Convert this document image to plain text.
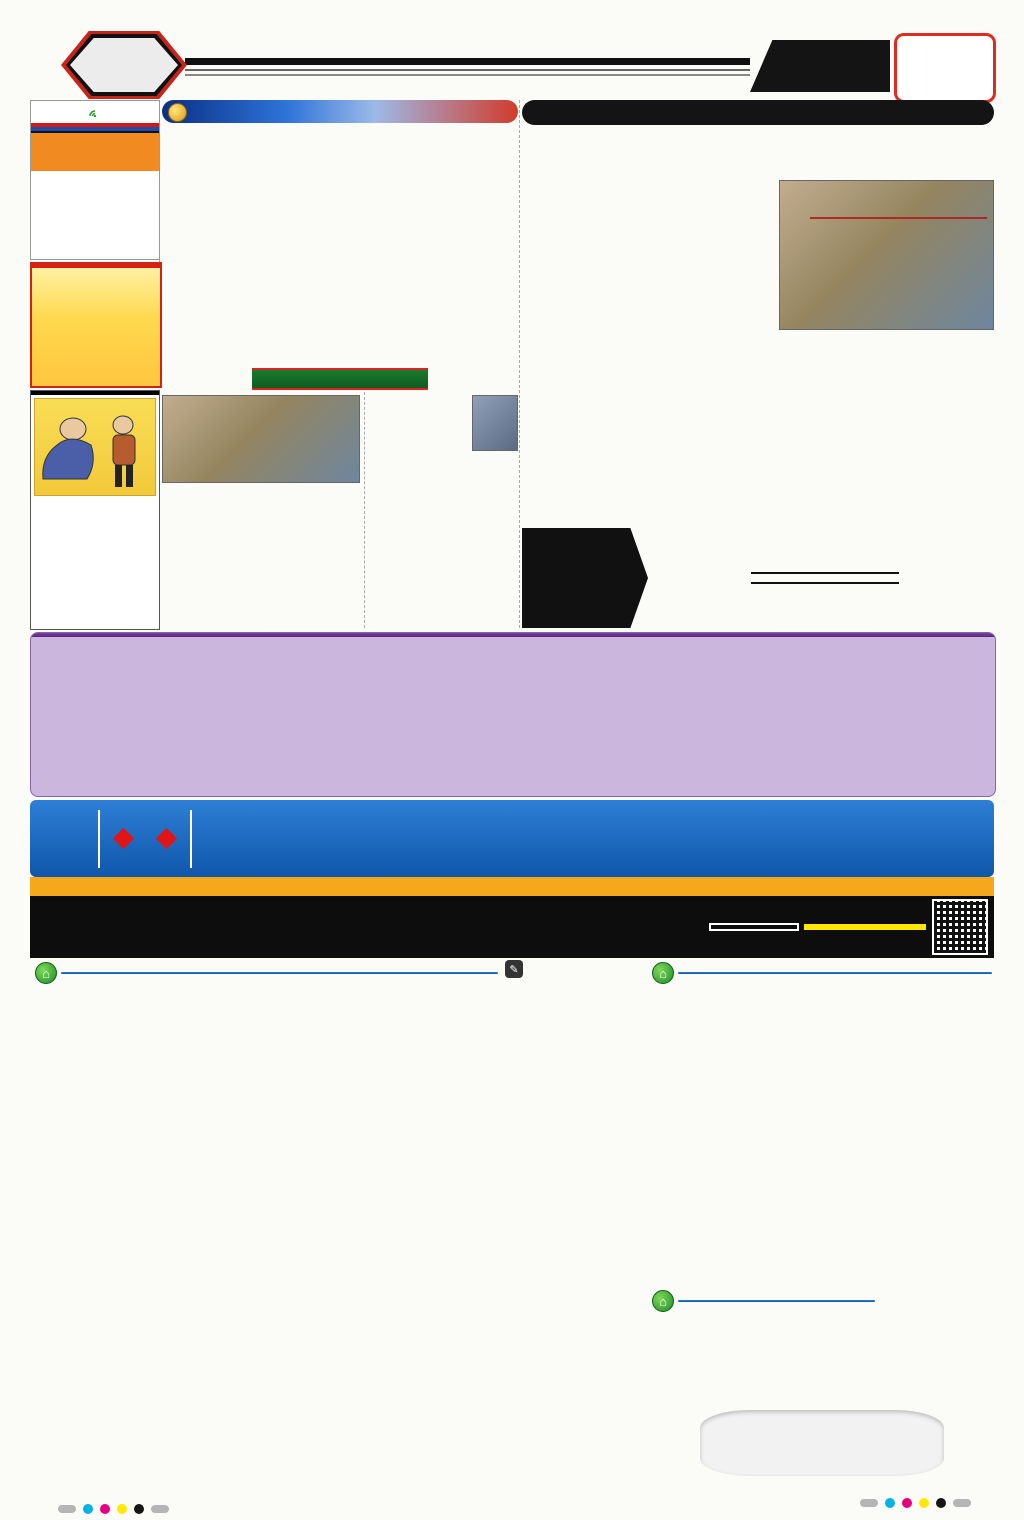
⌂	✎	⌂
⌂
